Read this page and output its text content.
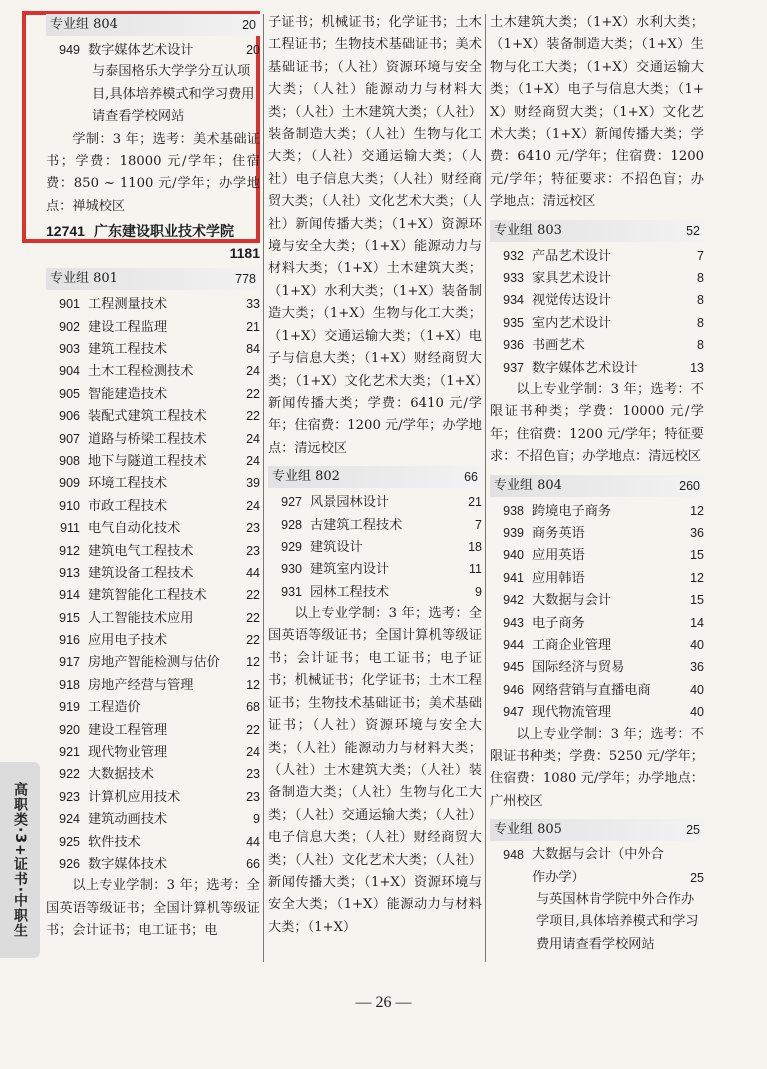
专业组 804	20
949 数字媒体艺术设计	20

与泰国格乐大学学分互认项目,具体培养模式和学习费用请查看学校网站

学制：3 年；选考：美术基础证书；学费：18000 元/学年；住宿费：850 ~ 1100 元/学年；办学地点：禅城校区

12741 广东建设职业技术学院
1181
专业组 801	778
901 工程测量技术	33
902 建设工程监理	21
903 建筑工程技术	84
904 土木工程检测技术	24
905 智能建造技术	22
906 装配式建筑工程技术	22
907 道路与桥梁工程技术	24
908 地下与隧道工程技术	24
909 环境工程技术	39
910 市政工程技术	24
911 电气自动化技术	23
912 建筑电气工程技术	23
913 建筑设备工程技术	44
914 建筑智能化工程技术	22
915 人工智能技术应用	22
916 应用电子技术	22
917 房地产智能检测与估价	12
918 房地产经营与管理	12
919 工程造价	68
920 建设工程管理	22
921 现代物业管理	24
922 大数据技术	23
923 计算机应用技术	23
924 建筑动画技术	9
925 软件技术	44
926 数字媒体技术	66

以上专业学制：3 年；选考：全国英语等级证书；全国计算机等级证书；会计证书；电工证书；电

子证书；机械证书；化学证书；土木工程证书；生物技术基础证书；美术基础证书；（人社）资源环境与安全大类；（人社）能源动力与材料大类；（人社）土木建筑大类；（人社）装备制造大类；（人社）生物与化工大类；（人社）交通运输大类；（人社）电子信息大类；（人社）财经商贸大类；（人社）文化艺术大类；（人社）新闻传播大类；（1+X）资源环境与安全大类；（1+X）能源动力与材料大类；（1+X）土木建筑大类；（1+X）水利大类；（1+X）装备制造大类；（1+X）生物与化工大类；（1+X）交通运输大类；（1+X）电子与信息大类；（1+X）财经商贸大类；（1+X）文化艺术大类；（1+X）新闻传播大类；学费：6410 元/学年；住宿费：1200 元/学年；办学地点：清远校区

专业组 802	66
927 风景园林设计	21
928 古建筑工程技术	7
929 建筑设计	18
930 建筑室内设计	11
931 园林工程技术	9

以上专业学制：3 年；选考：全国英语等级证书；全国计算机等级证书；会计证书；电工证书；电子证书；机械证书；化学证书；土木工程证书；生物技术基础证书；美术基础证书；（人社）资源环境与安全大类；（人社）能源动力与材料大类；（人社）土木建筑大类；（人社）装备制造大类；（人社）生物与化工大类；（人社）交通运输大类；（人社）电子信息大类；（人社）财经商贸大类；（人社）文化艺术大类；（人社）新闻传播大类；（1+X）资源环境与安全大类；（1+X）能源动力与材料大类；（1+X）

土木建筑大类；（1+X）水利大类；（1+X）装备制造大类；（1+X）生物与化工大类；（1+X）交通运输大类；（1+X）电子与信息大类；（1+X）财经商贸大类；（1+X）文化艺术大类；（1+X）新闻传播大类；学费：6410 元/学年；住宿费：1200 元/学年；特征要求：不招色盲；办学地点：清远校区

专业组 803	52
932 产品艺术设计	7
933 家具艺术设计	8
934 视觉传达设计	8
935 室内艺术设计	8
936 书画艺术	8
937 数字媒体艺术设计	13

以上专业学制：3 年；选考：不限证书种类；学费：10000 元/学年；住宿费：1200 元/学年；特征要求：不招色盲；办学地点：清远校区

专业组 804	260
938 跨境电子商务	12
939 商务英语	36
940 应用英语	15
941 应用韩语	12
942 大数据与会计	15
943 电子商务	14
944 工商企业管理	40
945 国际经济与贸易	36
946 网络营销与直播电商	40
947 现代物流管理	40

以上专业学制：3 年；选考：不限证书种类；学费：5250 元/学年；住宿费：1080 元/学年；办学地点：广州校区

专业组 805	25
948 大数据与会计（中外合作办学）	25

与英国林肯学院中外合作办学项目,具体培养模式和学习费用请查看学校网站

高职类·3+证书·中职生
— 26 —
